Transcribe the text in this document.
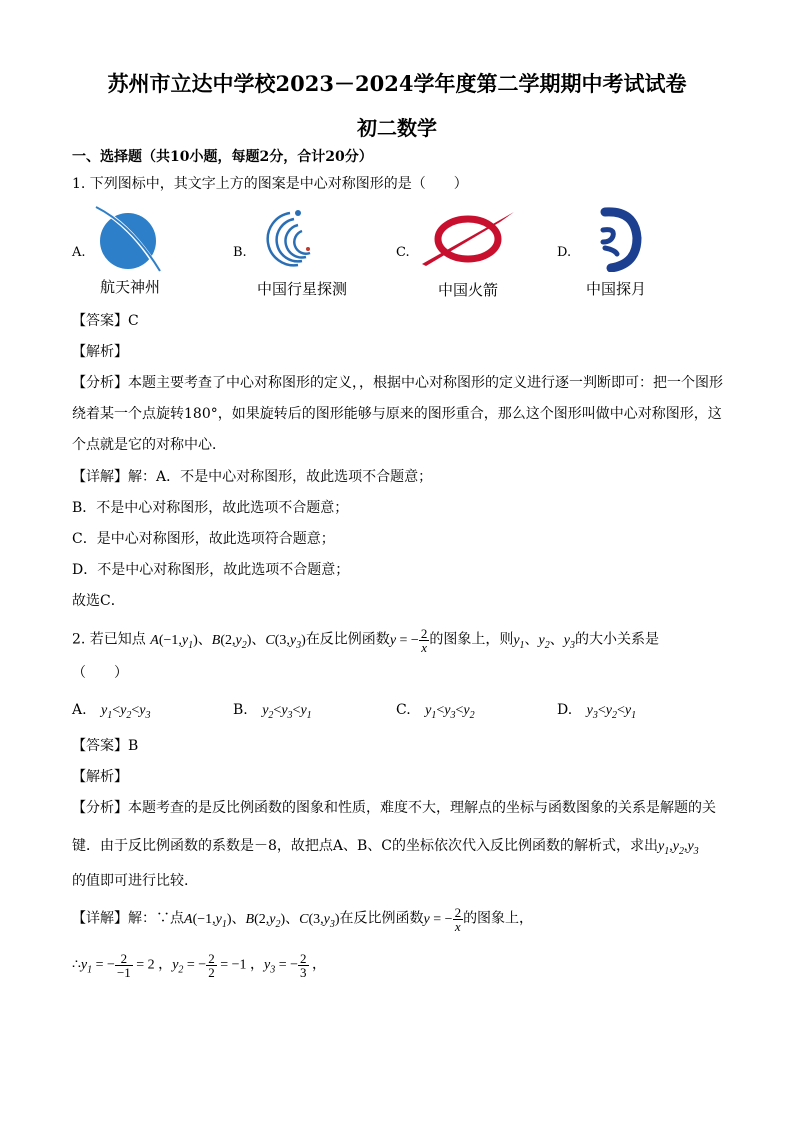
苏州市立达中学校2023－2024学年度第二学期期中考试试卷
初二数学
一、选择题（共10小题，每题2分，合计20分）
1. 下列图标中，其文字上方的图案是中心对称图形的是（　　）
A.
航天神州
B.
中国行星探测
C.
中国火箭
D.
中国探月
【答案】C
【解析】
【分析】本题主要考查了中心对称图形的定义，，根据中心对称图形的定义进行逐一判断即可：把一个图形
绕着某一个点旋转180°，如果旋转后的图形能够与原来的图形重合，那么这个图形叫做中心对称图形，这
个点就是它的对称中心．
【详解】解：A．不是中心对称图形，故此选项不合题意；
B．不是中心对称图形，故此选项不合题意；
C．是中心对称图形，故此选项符合题意；
D．不是中心对称图形，故此选项不合题意；
故选C．
2. 若已知点 $A(-1,y_1)$、$B(2,y_2)$、$C(3,y_3)$在反比例函数y = − $\frac{2}{x}$ 的图象上，则$y_1$、$y_2$、$y_3$的大小关系是
（　　）
A. $y_1<y_2<y_3$	B. $y_2<y_3<y_1$	C. $y_1<y_3<y_2$	D. $y_3<y_2<y_1$
【答案】B
【解析】
【分析】本题考查的是反比例函数的图象和性质，难度不大，理解点的坐标与函数图象的关系是解题的关
键．由于反比例函数的系数是－8，故把点A、B、C的坐标依次代入反比例函数的解析式，求出$y_1,y_2,y_3$
的值即可进行比较.
【详解】解：∵点$A(-1,y_1)$、$B(2,y_2)$、$C(3,y_3)$在反比例函数y = − $\frac{2}{x}$ 的图象上，
$\therefore y_1$ = − $\frac{2}{-1} = 2$ ，$y_2$ = − $\frac{2}{2} = -1$ ，$y_3$ = − $\frac{2}{3}$ ，
